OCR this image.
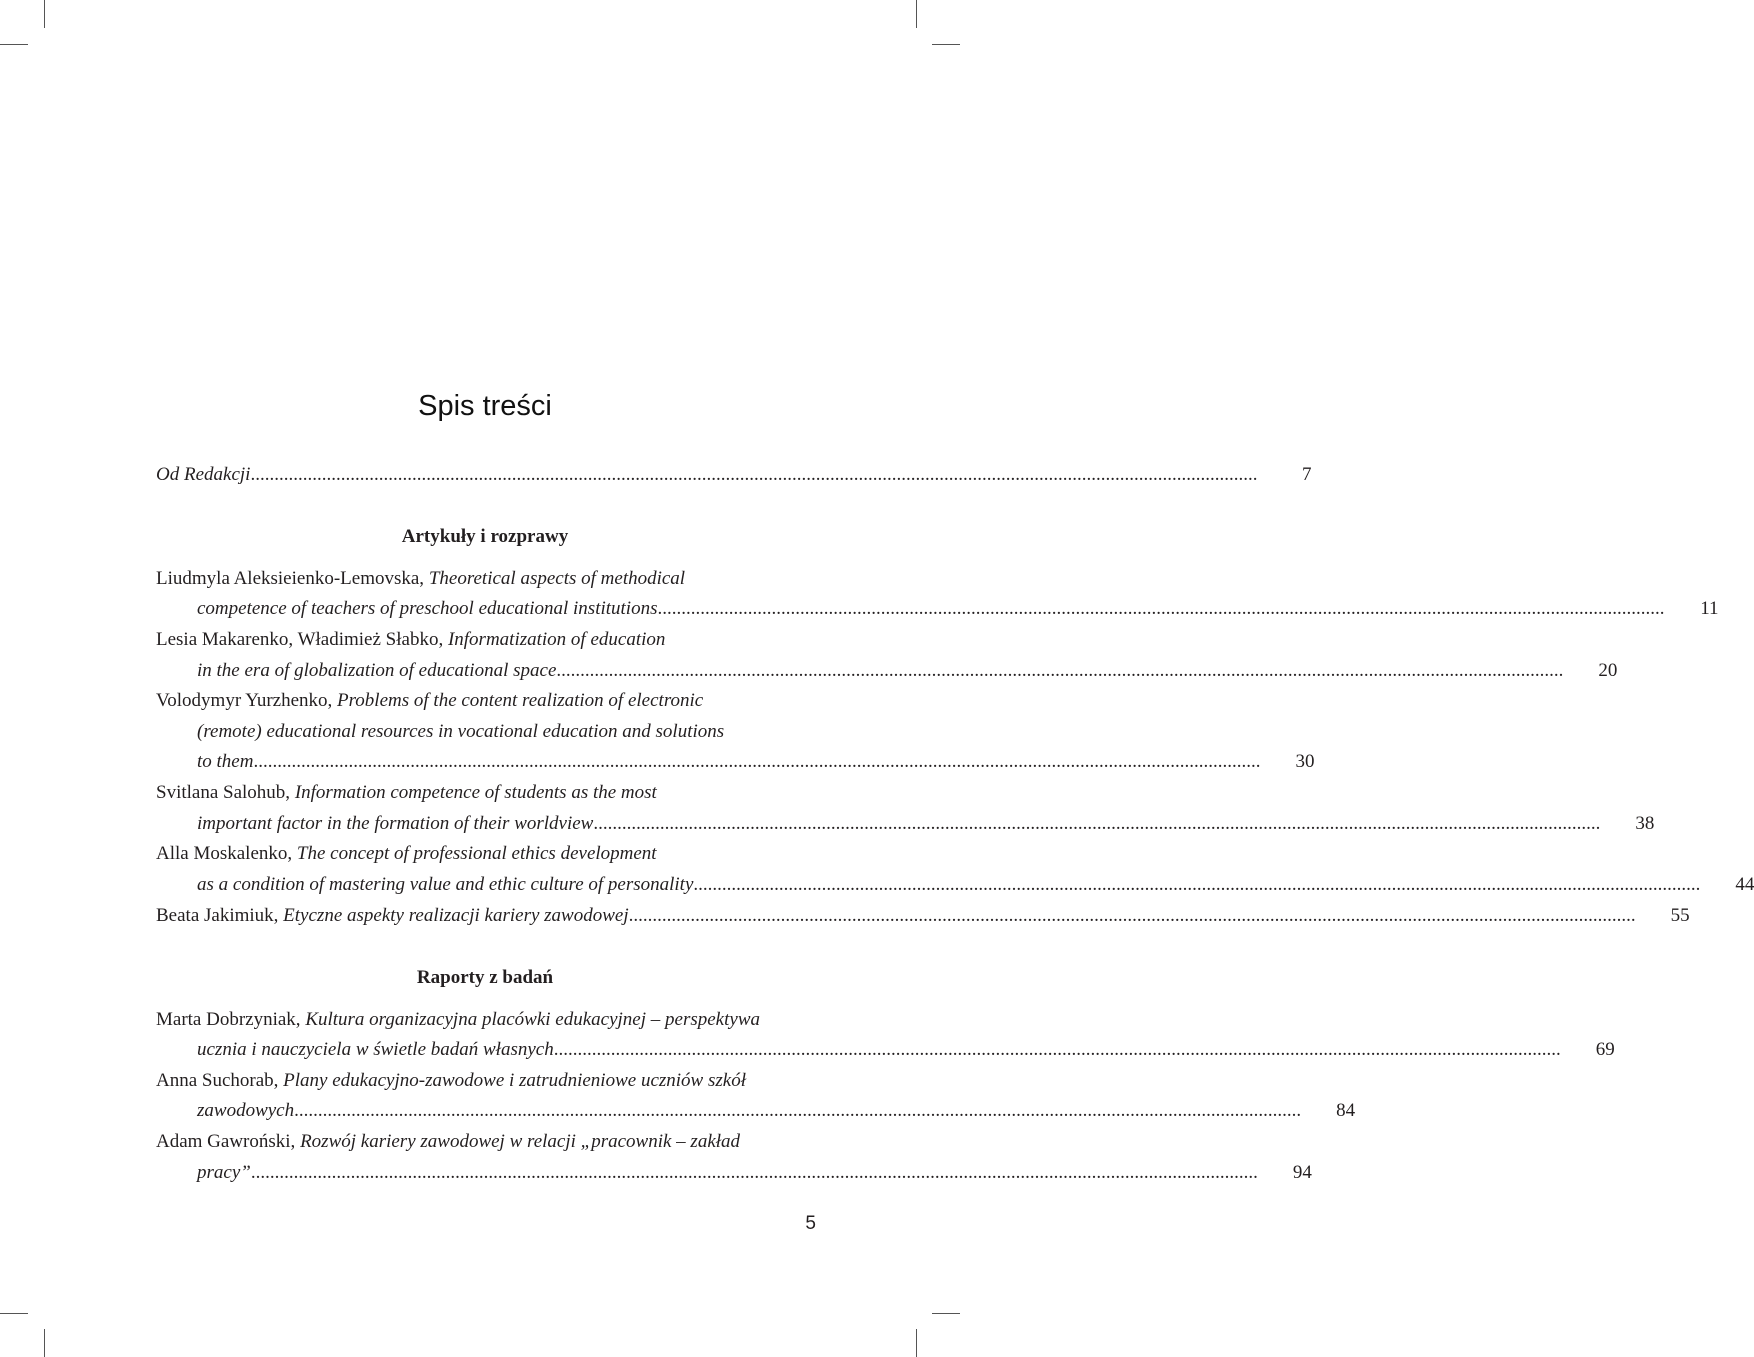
Spis treści
Od Redakcji .....	7
Artykuły i rozprawy
Liudmyla Aleksieienko-Lemovska, Theoretical aspects of methodical
competence of teachers of preschool educational institutions .....	11
Lesia Makarenko, Władimież Słabko, Informatization of education
in the era of globalization of educational space .....	20
Volodymyr Yurzhenko, Problems of the content realization of electronic
(remote) educational resources in vocational education and solutions
to them .....	30
Svitlana Salohub, Information competence of students as the most
important factor in the formation of their worldview .....	38
Alla Moskalenko, The concept of professional ethics development
as a condition of mastering value and ethic culture of personality .....	44
Beata Jakimiuk, Etyczne aspekty realizacji kariery zawodowej .....	55
Raporty z badań
Marta Dobrzyniak, Kultura organizacyjna placówki edukacyjnej – perspektywa
ucznia i nauczyciela w świetle badań własnych .....	69
Anna Suchorab, Plany edukacyjno-zawodowe i zatrudnieniowe uczniów szkół
zawodowych .....	84
Adam Gawroński, Rozwój kariery zawodowej w relacji „pracownik – zakład
pracy” .....	94
5
